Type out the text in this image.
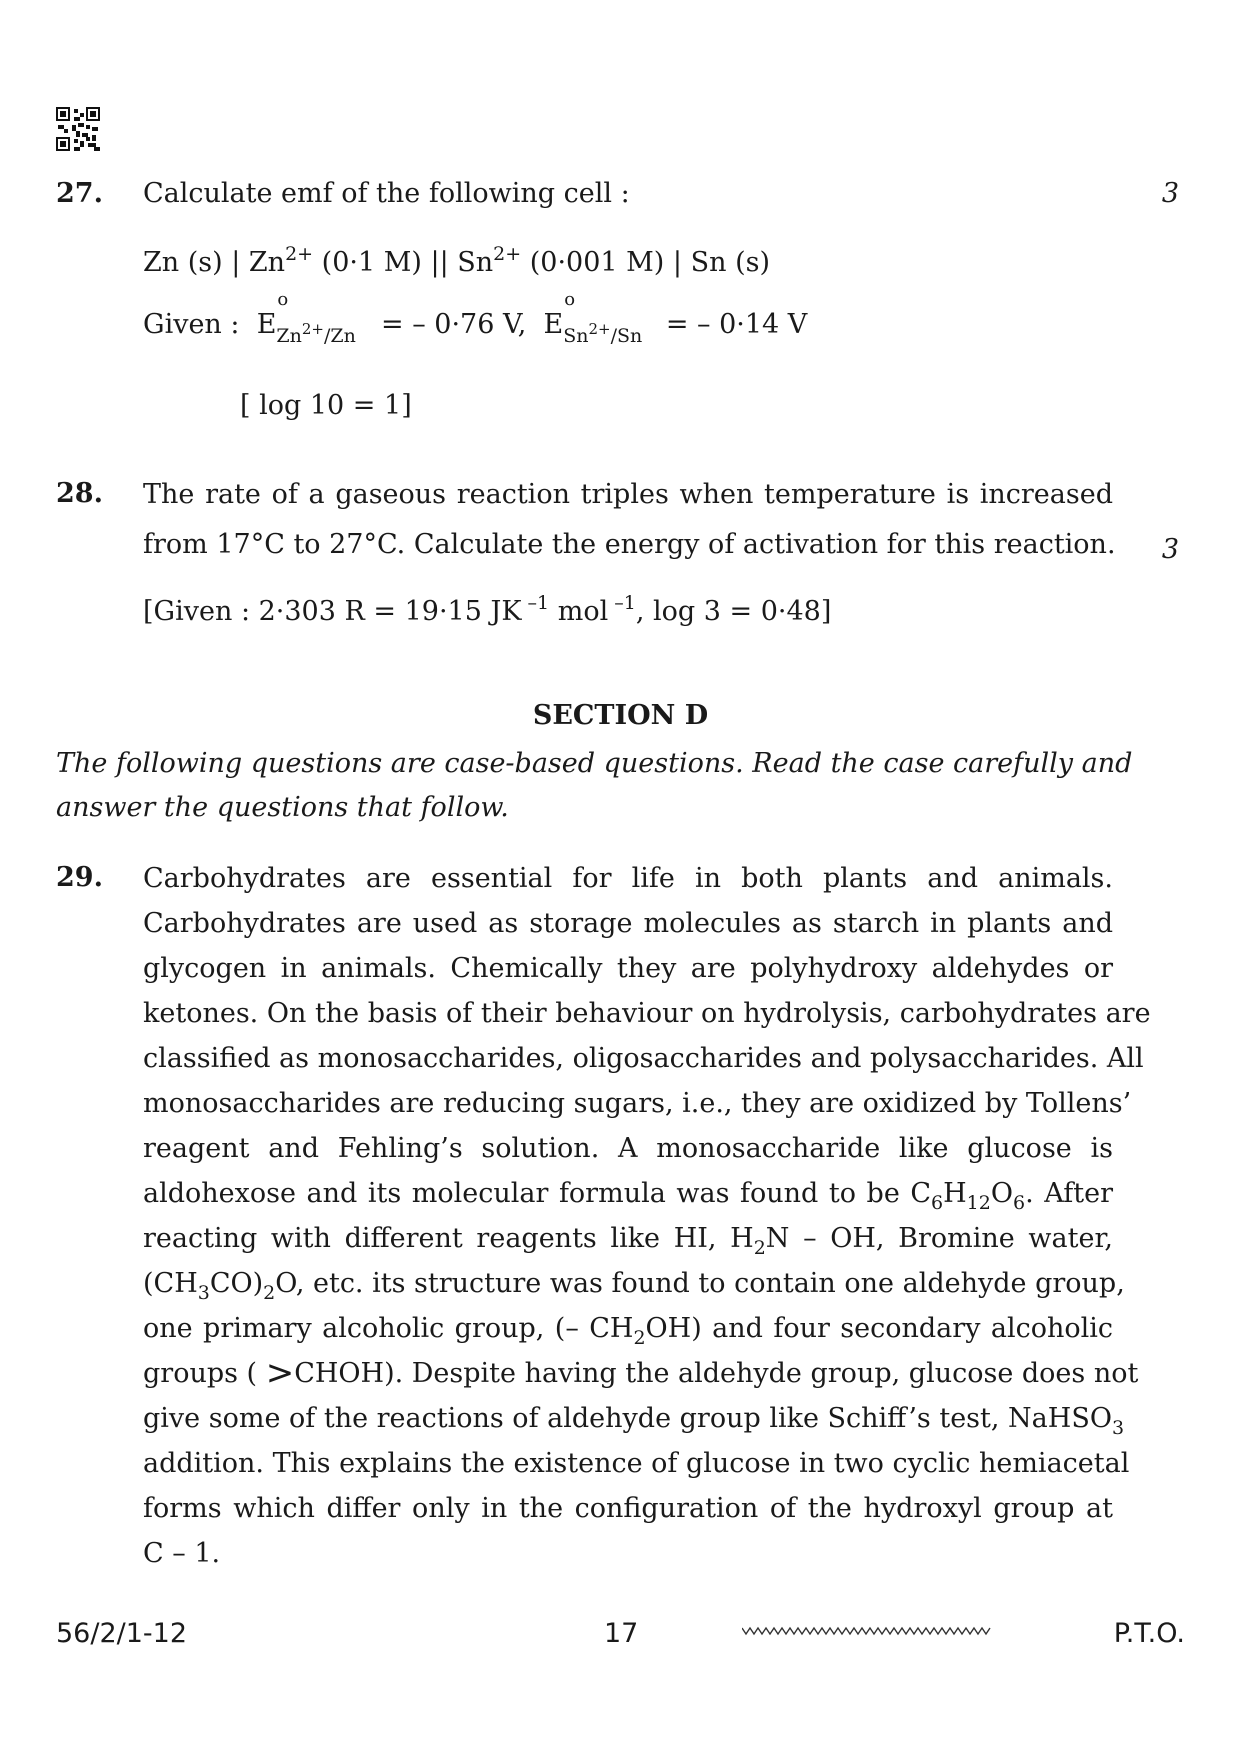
27. Calculate emf of the following cell :	3
Zn (s) | $Zn^{2+}$ (0·1 M) || $Sn^{2+}$ (0·001 M) | Sn (s)
Given :  E
o
$Zn^{2+}/Zn$ = – 0·76 V, E
o
$Sn^{2+}/Sn$ = – 0·14 V
[ log 10 = 1]
28. The rate of a gaseous reaction triples when temperature is increased
from 17°C to 27°C. Calculate the energy of activation for this reaction. 3
[Given : 2·303 R = 19·15 JK $^{-1}$ mol $^{-1}$, log 3 = 0·48]
SECTION D
The following questions are case-based questions. Read the case carefully and
answer the questions that follow.
29. Carbohydrates are essential for life in both plants and animals.
Carbohydrates are used as storage molecules as starch in plants and
glycogen in animals. Chemically they are polyhydroxy aldehydes or
ketones. On the basis of their behaviour on hydrolysis, carbohydrates are
classified as monosaccharides, oligosaccharides and polysaccharides. All
monosaccharides are reducing sugars, i.e., they are oxidized by Tollens’
reagent and Fehling’s solution. A monosaccharide like glucose is
aldohexose and its molecular formula was found to be $C_6H_{12}O_6$. After
reacting with different reagents like HI, $H_2N$ – OH, Bromine water,
$(CH_3CO)_2O$, etc. its structure was found to contain one aldehyde group,
one primary alcoholic group, (– $CH_2OH$) and four secondary alcoholic
groups ( >CHOH). Despite having the aldehyde group, glucose does not
give some of the reactions of aldehyde group like Schiff’s test, NaHSO$_3$
addition. This explains the existence of glucose in two cyclic hemiacetal
forms which differ only in the configuration of the hydroxyl group at
C – 1.
56/2/1-12	17	P.T.O.
